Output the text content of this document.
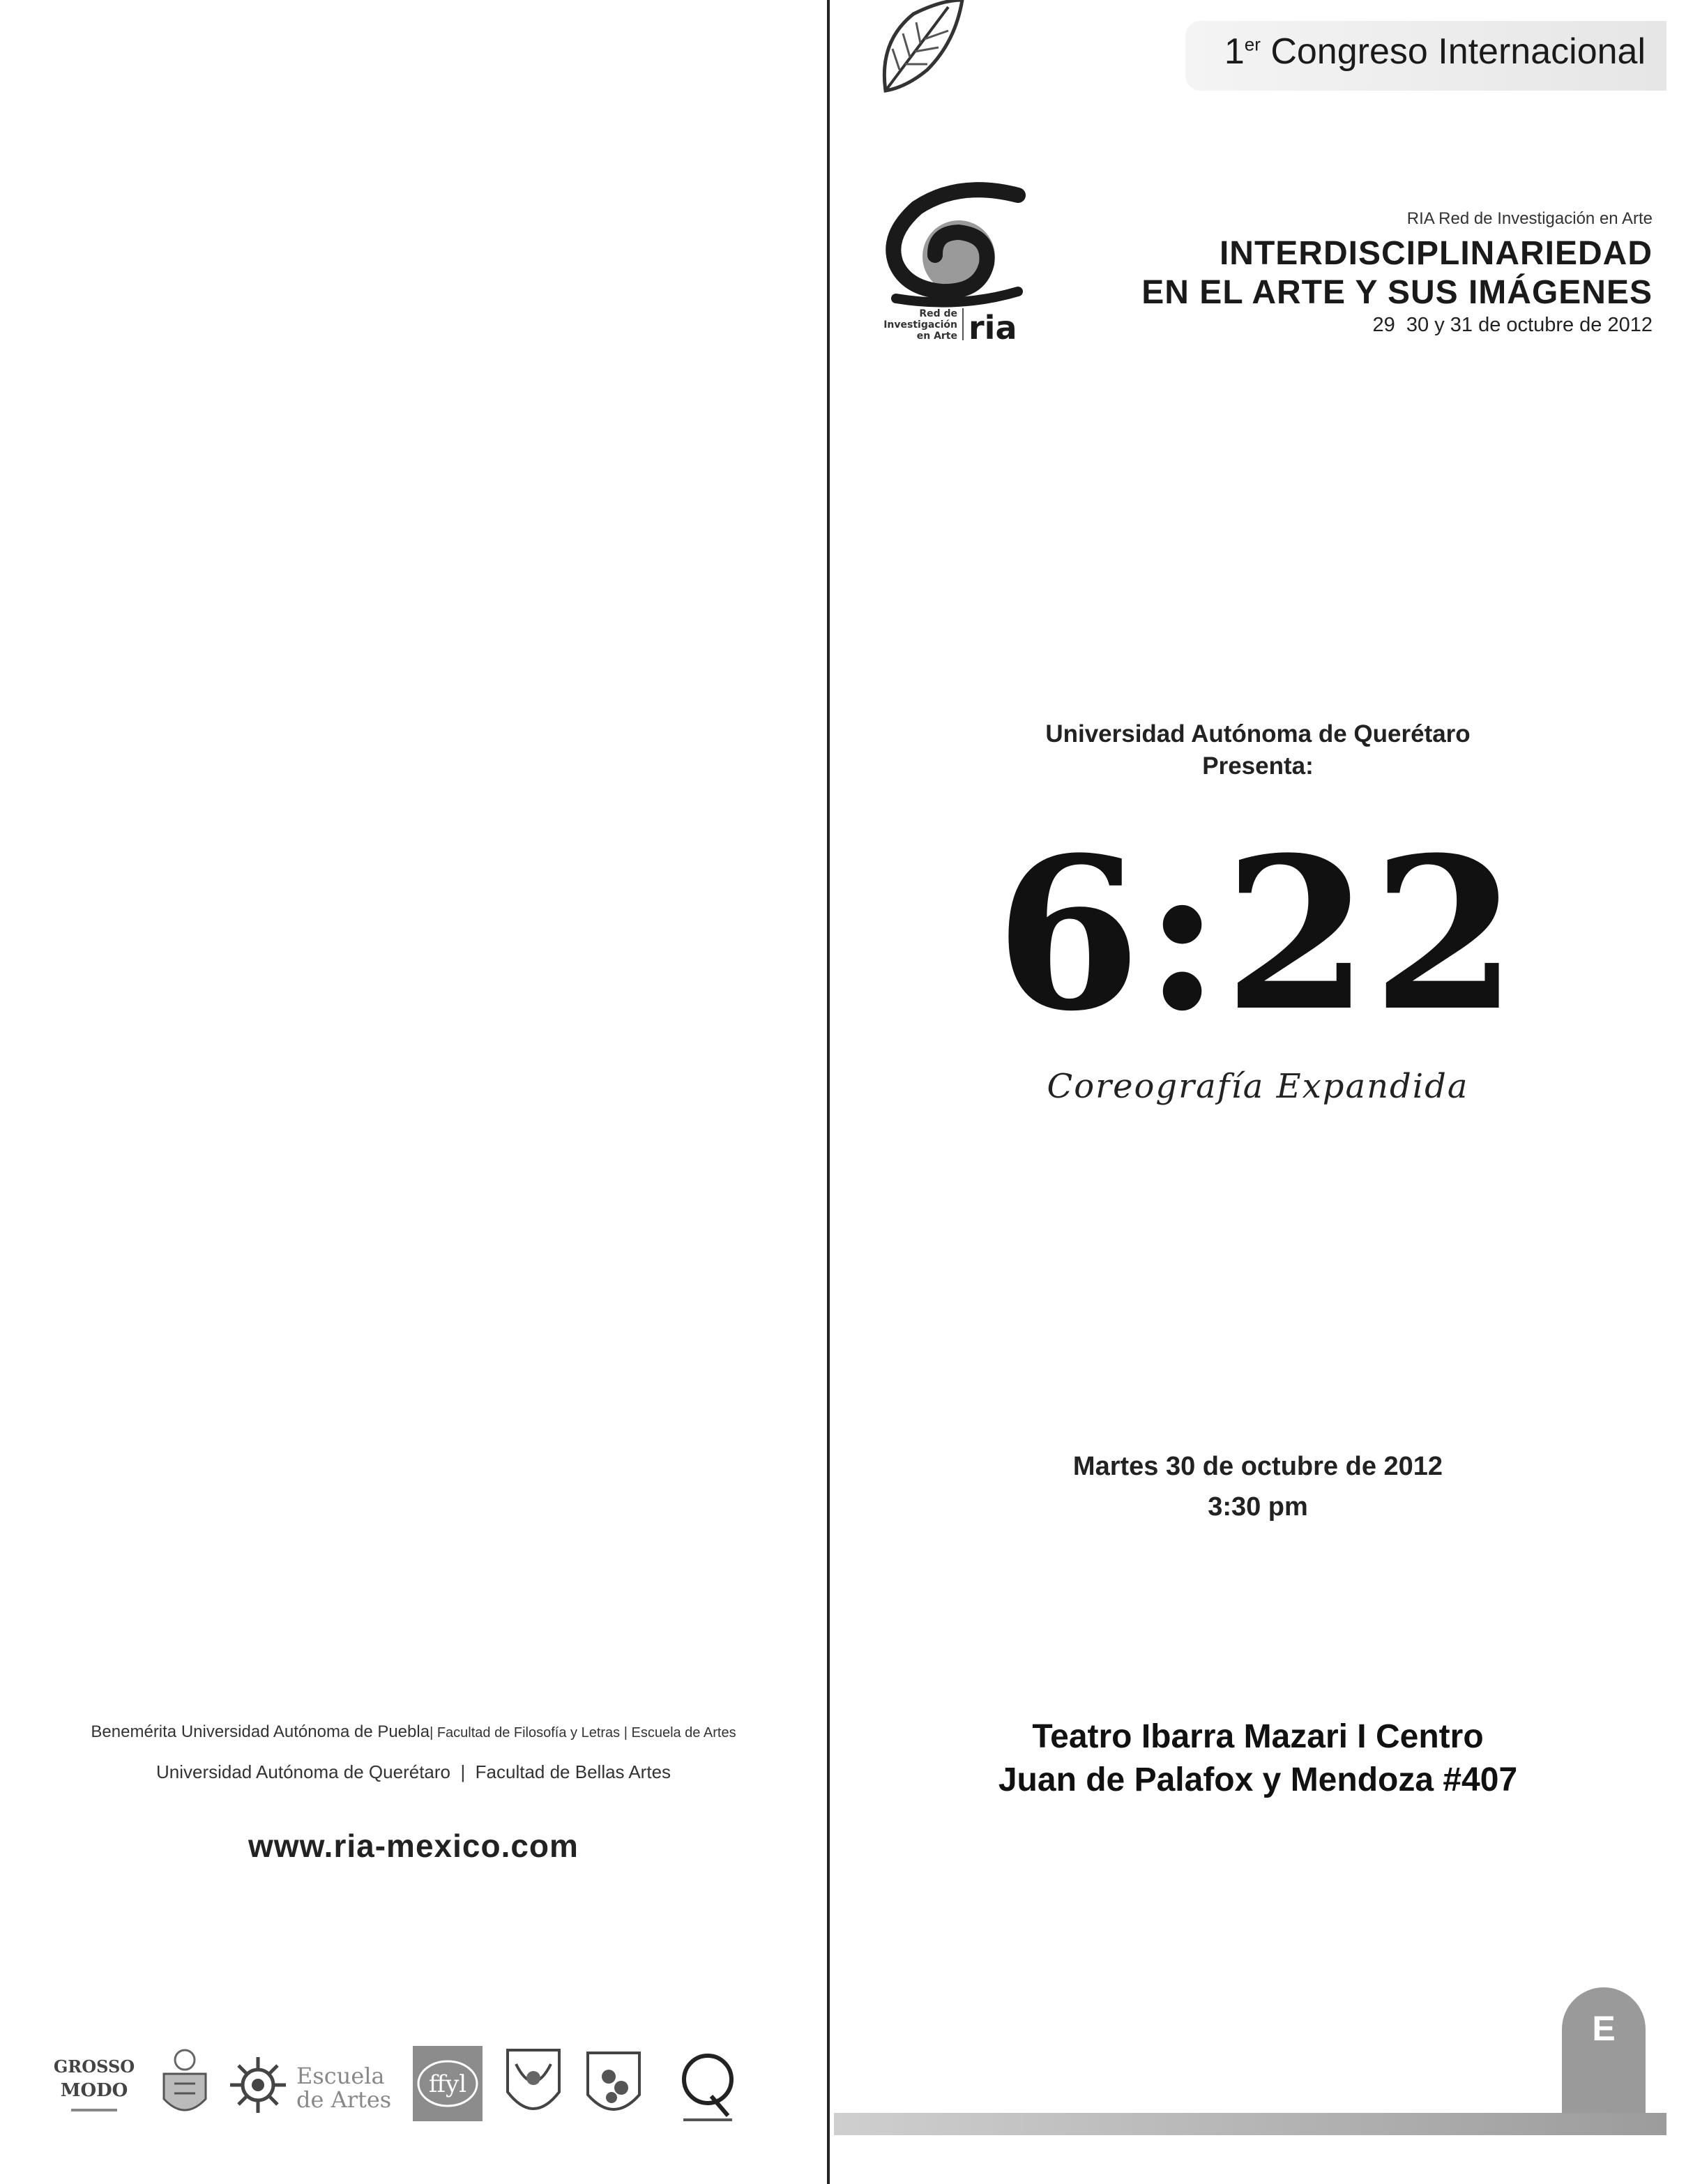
Benemérita Universidad Autónoma de Puebla| Facultad de Filosofía y Letras | Escuela de Artes
Universidad Autónoma de Querétaro  |  Facultad de Bellas Artes
www.ria-mexico.com
GROSSO
MODO
Escuela
de Artes
ffyl
1er Congreso Internacional
Red de
Investigación
en Arte ria
RIA Red de Investigación en Arte
INTERDISCIPLINARIEDAD
EN EL ARTE Y SUS IMÁGENES
29  30 y 31 de octubre de 2012
Universidad Autónoma de Querétaro
Presenta:
6:22
Coreografía Expandida
Martes 30 de octubre de 2012
3:30 pm
Teatro Ibarra Mazari I Centro
Juan de Palafox y Mendoza #407
E
